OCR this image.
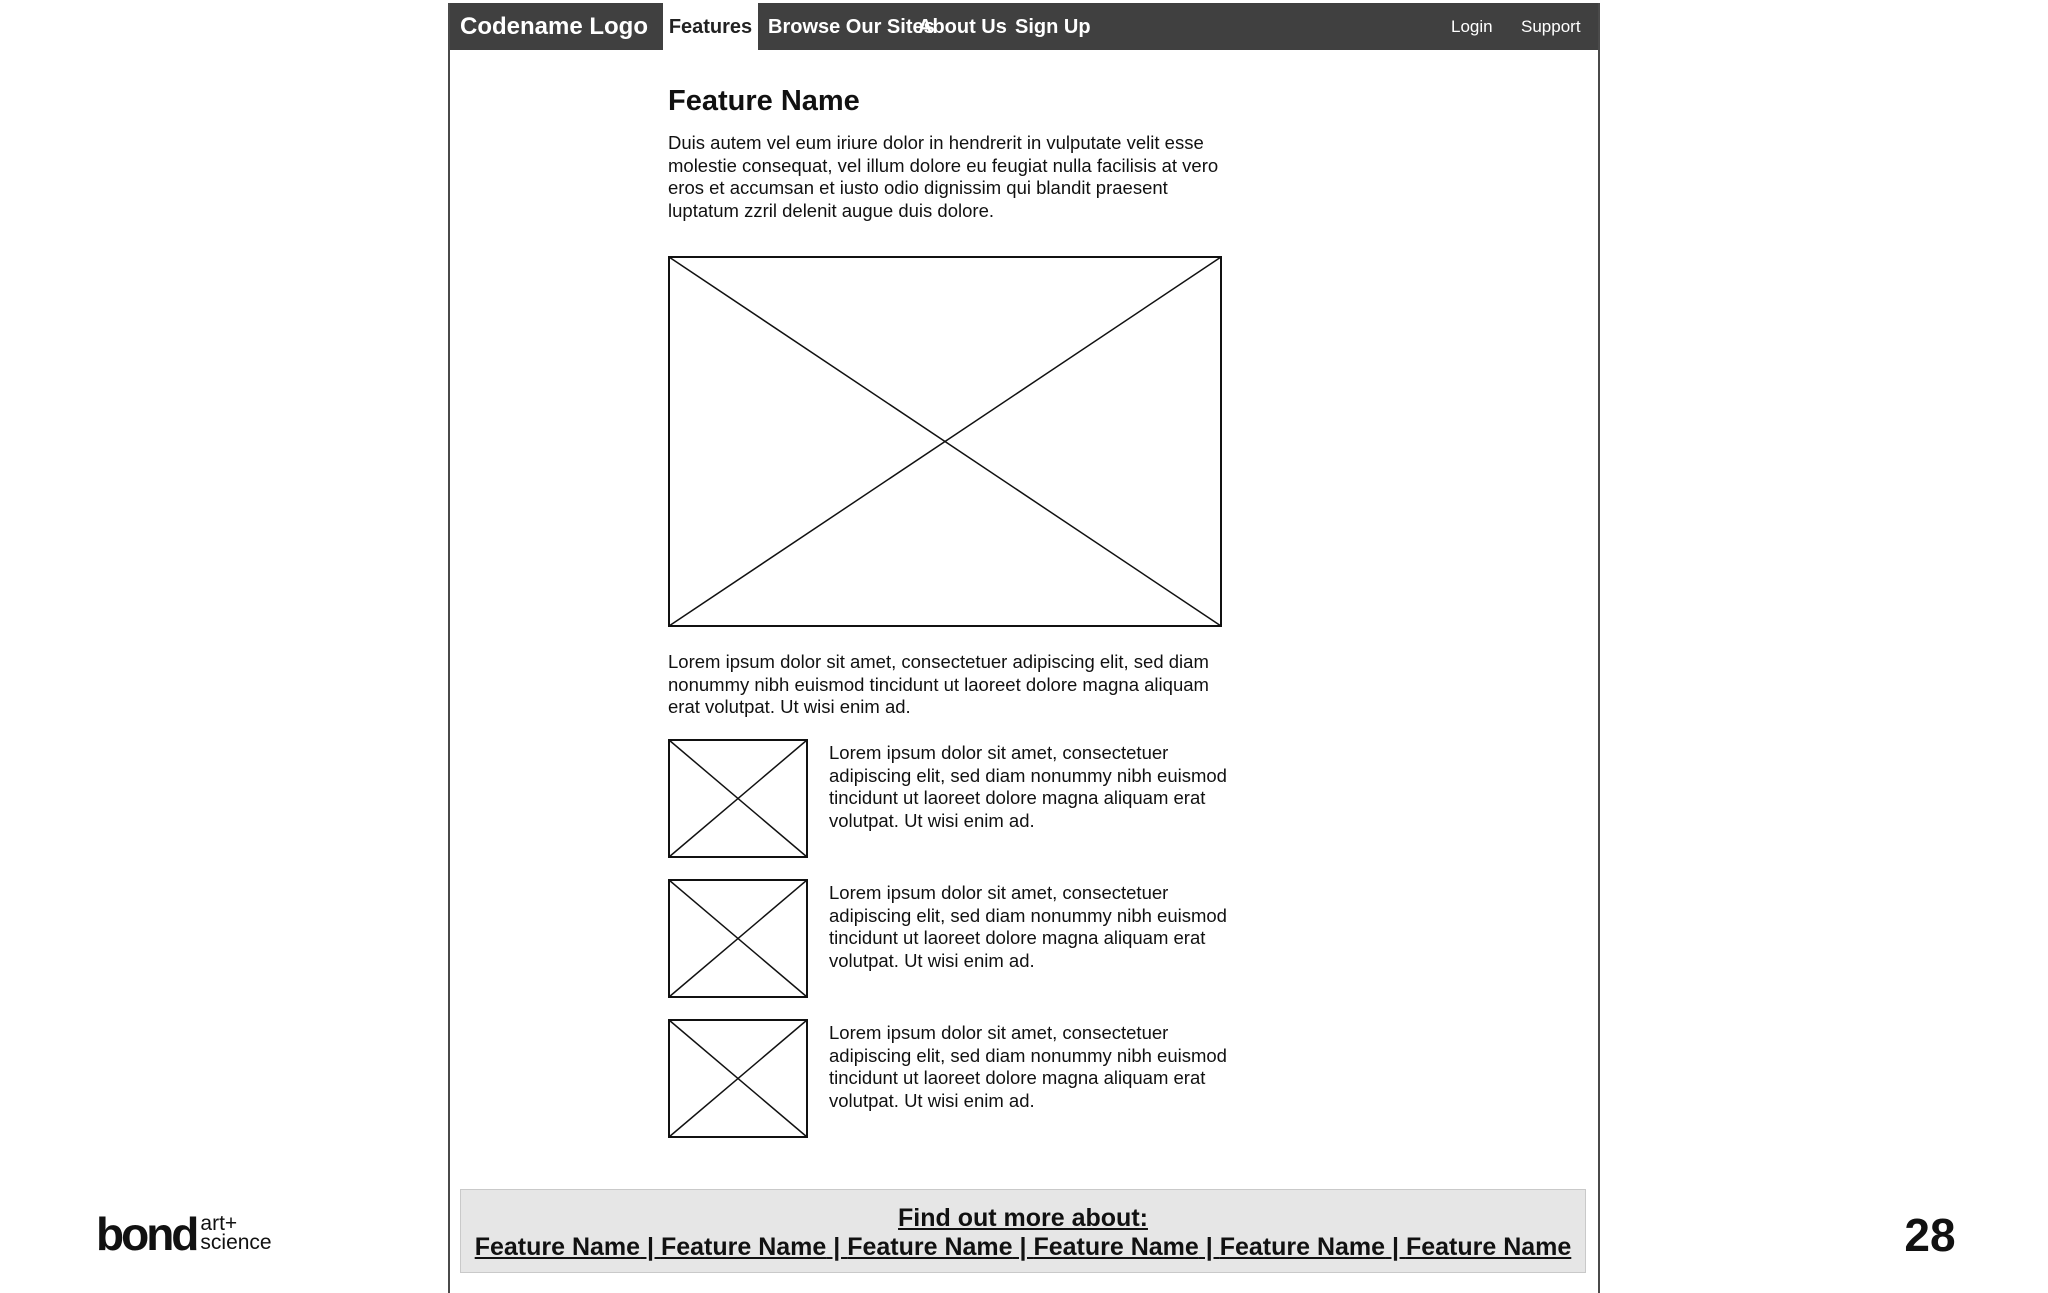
Codename Logo Features Browse Our Sites
About Us Sign Up	Login Support
Feature Name

Duis autem vel eum iriure dolor in hendrerit in vulputate velit esse molestie consequat, vel illum dolore eu feugiat nulla facilisis at vero eros et accumsan et iusto odio dignissim qui blandit praesent luptatum zzril delenit augue duis dolore.

Lorem ipsum dolor sit amet, consectetuer adipiscing elit, sed diam nonummy nibh euismod tincidunt ut laoreet dolore magna aliquam erat volutpat. Ut wisi enim ad.

Lorem ipsum dolor sit amet, consectetuer adipiscing elit, sed diam nonummy nibh euismod tincidunt ut laoreet dolore magna aliquam erat volutpat. Ut wisi enim ad.

Lorem ipsum dolor sit amet, consectetuer adipiscing elit, sed diam nonummy nibh euismod tincidunt ut laoreet dolore magna aliquam erat volutpat. Ut wisi enim ad.

Lorem ipsum dolor sit amet, consectetuer adipiscing elit, sed diam nonummy nibh euismod tincidunt ut laoreet dolore magna aliquam erat volutpat. Ut wisi enim ad.

Find out more about:
Feature Name | Feature Name | Feature Name | Feature Name | Feature Name | Feature Name
bond art+
science	28
